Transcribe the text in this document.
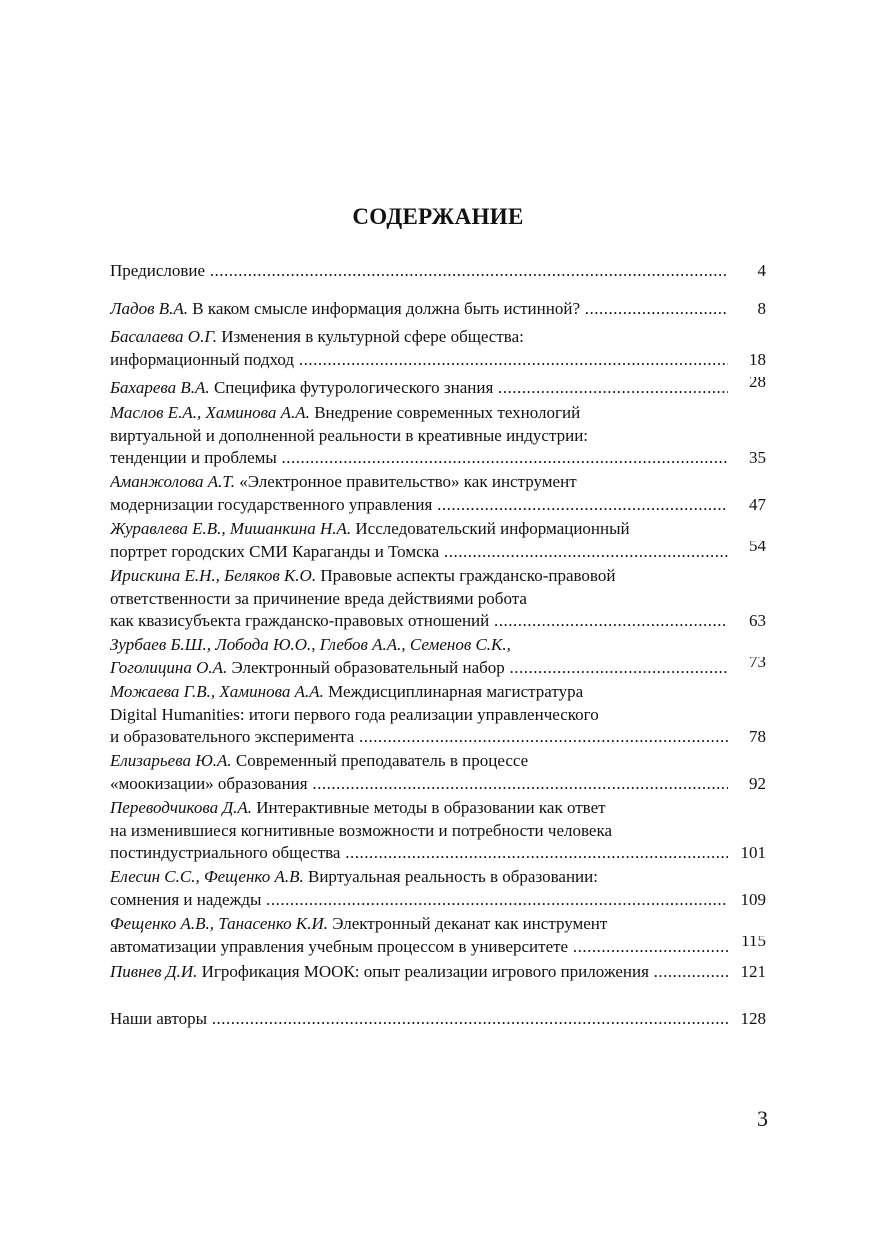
СОДЕРЖАНИЕ
Предисловие .....	4
Ладов В.А. В каком смысле информация должна быть истинной? .....	8
Басалаева О.Г. Изменения в культурной сфере общества:
информационный подход .....	18
Бахарева В.А. Специфика футурологического знания .....	28
Маслов Е.А., Хаминова А.А. Внедрение современных технологий
виртуальной и дополненной реальности в креативные индустрии:
тенденции и проблемы .....	35
Аманжолова А.Т. «Электронное правительство» как инструмент
модернизации государственного управления .....	47
Журавлева Е.В., Мишанкина Н.А. Исследовательский информационный
портрет городских СМИ Караганды и Томска .....	54
Ирискина Е.Н., Беляков К.О. Правовые аспекты гражданско-правовой
ответственности за причинение вреда действиями робота
как квазисубъекта гражданско-правовых отношений .....	63
Зурбаев Б.Ш., Лобода Ю.О., Глебов А.А., Семенов С.К.,
Гоголицина О.А. Электронный образовательный набор .....	73
Можаева Г.В., Хаминова А.А. Междисциплинарная магистратура
Digital Humanities: итоги первого года реализации управленческого
и образовательного эксперимента .....	78
Елизарьева Ю.А. Современный преподаватель в процессе
«моокизации» образования .....	92
Переводчикова Д.А. Интерактивные методы в образовании как ответ
на изменившиеся когнитивные возможности и потребности человека
постиндустриального общества .....	101
Елесин С.С., Фещенко А.В. Виртуальная реальность в образовании:
сомнения и надежды .....	109
Фещенко А.В., Танасенко К.И. Электронный деканат как инструмент
автоматизации управления учебным процессом в университете .....	115
Пивнев Д.И. Игрофикация МООК: опыт реализации игрового приложения .....	121
Наши авторы .....	128
3
